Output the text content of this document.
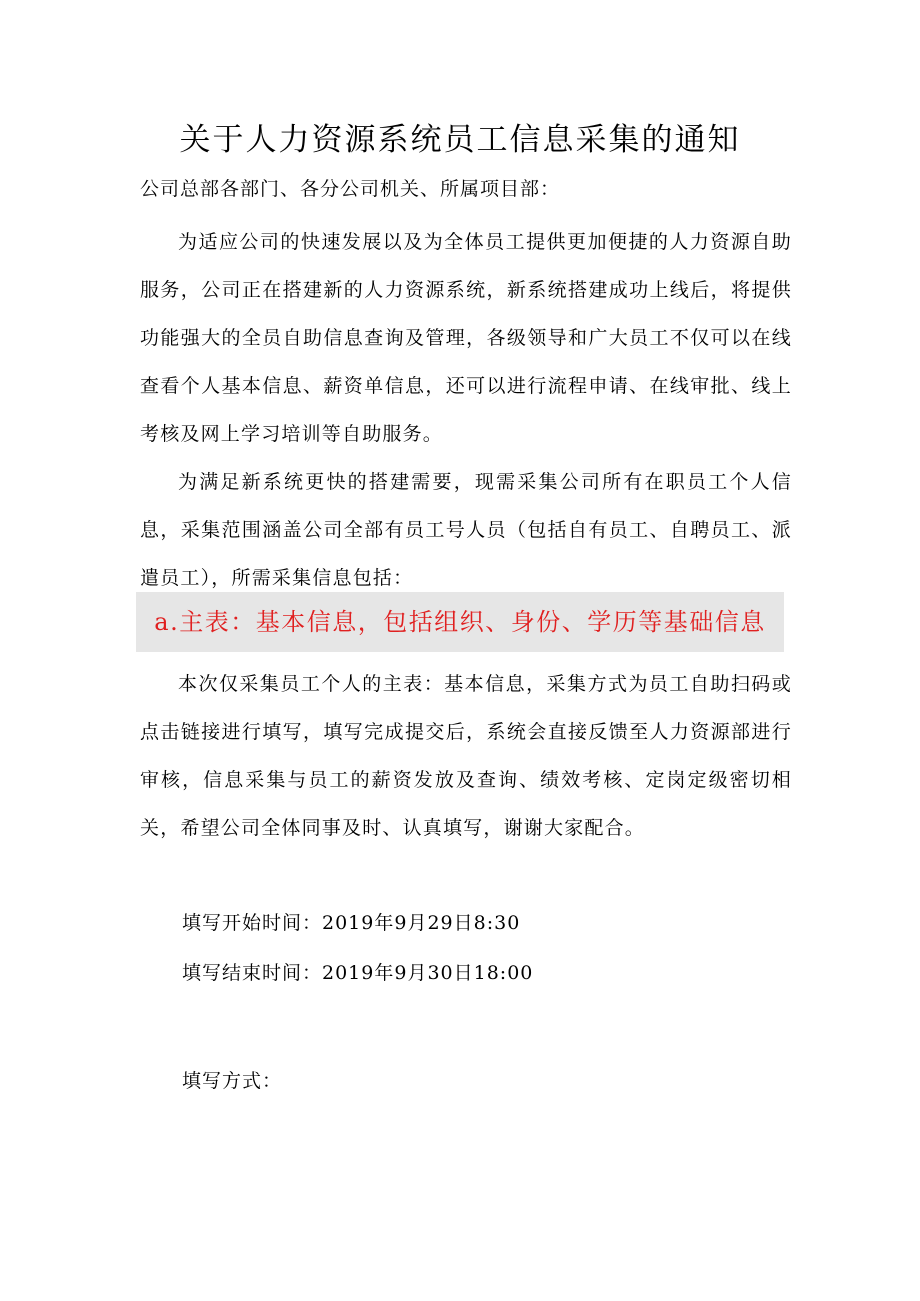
关于人力资源系统员工信息采集的通知

公司总部各部门、各分公司机关、所属项目部：

为适应公司的快速发展以及为全体员工提供更加便捷的人力资源自助服务，公司正在搭建新的人力资源系统，新系统搭建成功上线后，将提供功能强大的全员自助信息查询及管理，各级领导和广大员工不仅可以在线查看个人基本信息、薪资单信息，还可以进行流程申请、在线审批、线上考核及网上学习培训等自助服务。

为满足新系统更快的搭建需要，现需采集公司所有在职员工个人信息，采集范围涵盖公司全部有员工号人员（包括自有员工、自聘员工、派遣员工），所需采集信息包括：

a.主表：基本信息，包括组织、身份、学历等基础信息

本次仅采集员工个人的主表：基本信息，采集方式为员工自助扫码或点击链接进行填写，填写完成提交后，系统会直接反馈至人力资源部进行审核，信息采集与员工的薪资发放及查询、绩效考核、定岗定级密切相关，希望公司全体同事及时、认真填写，谢谢大家配合。

填写开始时间：2019年9月29日8:30

填写结束时间：2019年9月30日18:00

填写方式：
